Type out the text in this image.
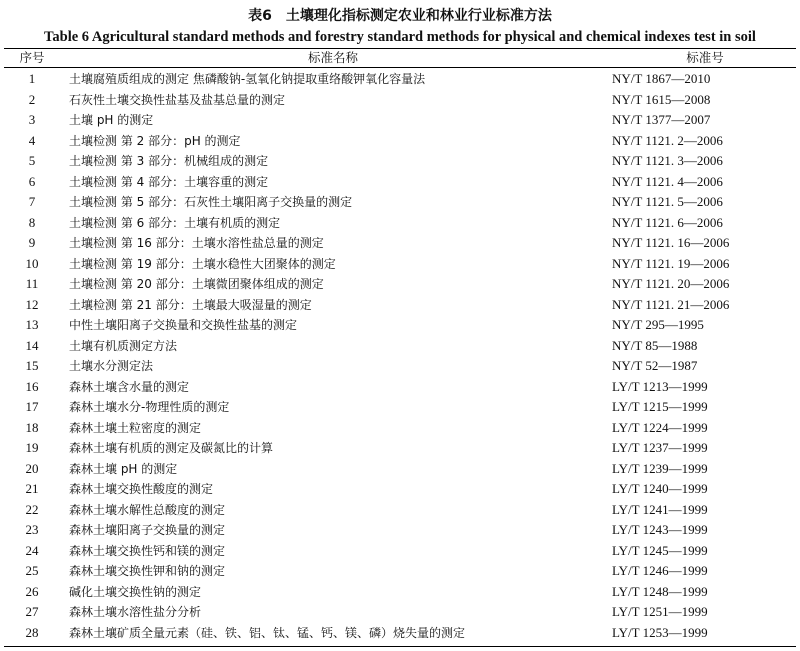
表6　土壤理化指标测定农业和林业行业标准方法
Table 6 Agricultural standard methods and forestry standard methods for physical and chemical indexes test in soil
序号	标准名称	标准号
1	土壤腐殖质组成的测定 焦磷酸钠-氢氧化钠提取重络酸钾氧化容量法	NY/T 1867—2010
2	石灰性土壤交换性盐基及盐基总量的测定	NY/T 1615—2008
3	土壤 pH 的测定	NY/T 1377—2007
4	土壤检测 第 2 部分：pH 的测定	NY/T 1121. 2—2006
5	土壤检测 第 3 部分：机械组成的测定	NY/T 1121. 3—2006
6	土壤检测 第 4 部分：土壤容重的测定	NY/T 1121. 4—2006
7	土壤检测 第 5 部分：石灰性土壤阳离子交换量的测定	NY/T 1121. 5—2006
8	土壤检测 第 6 部分：土壤有机质的测定	NY/T 1121. 6—2006
9	土壤检测 第 16 部分：土壤水溶性盐总量的测定	NY/T 1121. 16—2006
10	土壤检测 第 19 部分：土壤水稳性大团聚体的测定	NY/T 1121. 19—2006
11	土壤检测 第 20 部分：土壤微团聚体组成的测定	NY/T 1121. 20—2006
12	土壤检测 第 21 部分：土壤最大吸湿量的测定	NY/T 1121. 21—2006
13	中性土壤阳离子交换量和交换性盐基的测定	NY/T 295—1995
14	土壤有机质测定方法	NY/T 85—1988
15	土壤水分测定法	NY/T 52—1987
16	森林土壤含水量的测定	LY/T 1213—1999
17	森林土壤水分-物理性质的测定	LY/T 1215—1999
18	森林土壤土粒密度的测定	LY/T 1224—1999
19	森林土壤有机质的测定及碳氮比的计算	LY/T 1237—1999
20	森林土壤 pH 的测定	LY/T 1239—1999
21	森林土壤交换性酸度的测定	LY/T 1240—1999
22	森林土壤水解性总酸度的测定	LY/T 1241—1999
23	森林土壤阳离子交换量的测定	LY/T 1243—1999
24	森林土壤交换性钙和镁的测定	LY/T 1245—1999
25	森林土壤交换性钾和钠的测定	LY/T 1246—1999
26	碱化土壤交换性钠的测定	LY/T 1248—1999
27	森林土壤水溶性盐分分析	LY/T 1251—1999
28	森林土壤矿质全量元素（硅、铁、铝、钛、锰、钙、镁、磷）烧失量的测定	LY/T 1253—1999
